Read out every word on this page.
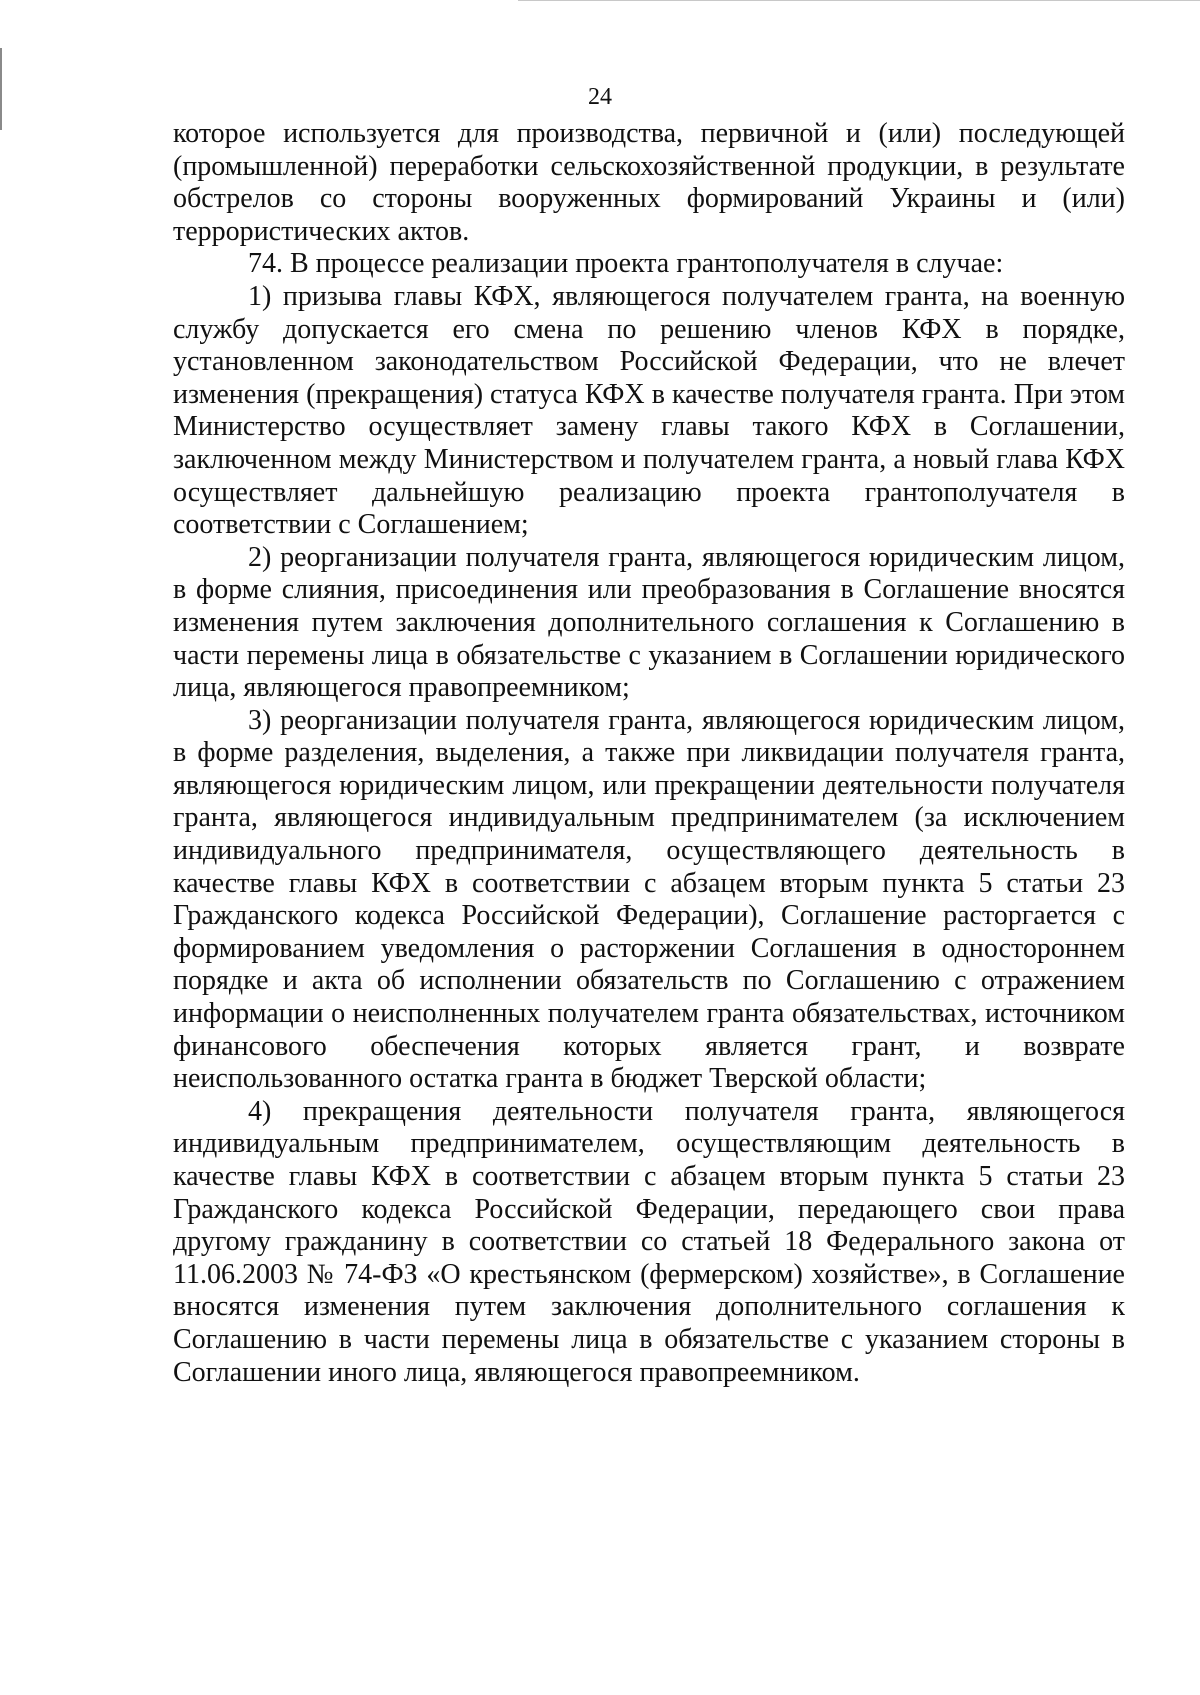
24

которое используется для производства, первичной и (или) последующей (промышленной) переработки сельскохозяйственной продукции, в результате обстрелов со стороны вооруженных формирований Украины и (или) террористических актов.

74. В процессе реализации проекта грантополучателя в случае:

1) призыва главы КФХ, являющегося получателем гранта, на военную службу допускается его смена по решению членов КФХ в порядке, установленном законодательством Российской Федерации, что не влечет изменения (прекращения) статуса КФХ в качестве получателя гранта. При этом Министерство осуществляет замену главы такого КФХ в Соглашении, заключенном между Министерством и получателем гранта, а новый глава КФХ осуществляет дальнейшую реализацию проекта грантополучателя в соответствии с Соглашением;

2) реорганизации получателя гранта, являющегося юридическим лицом, в форме слияния, присоединения или преобразования в Соглашение вносятся изменения путем заключения дополнительного соглашения к Соглашению в части перемены лица в обязательстве с указанием в Соглашении юридического лица, являющегося правопреемником;

3) реорганизации получателя гранта, являющегося юридическим лицом, в форме разделения, выделения, а также при ликвидации получателя гранта, являющегося юридическим лицом, или прекращении деятельности получателя гранта, являющегося индивидуальным предпринимателем (за исключением индивидуального предпринимателя, осуществляющего деятельность в качестве главы КФХ в соответствии с абзацем вторым пункта 5 статьи 23 Гражданского кодекса Российской Федерации), Соглашение расторгается с формированием уведомления о расторжении Соглашения в одностороннем порядке и акта об исполнении обязательств по Соглашению с отражением информации о неисполненных получателем гранта обязательствах, источником финансового обеспечения которых является грант, и возврате неиспользованного остатка гранта в бюджет Тверской области;

4) прекращения деятельности получателя гранта, являющегося индивидуальным предпринимателем, осуществляющим деятельность в качестве главы КФХ в соответствии с абзацем вторым пункта 5 статьи 23 Гражданского кодекса Российской Федерации, передающего свои права другому гражданину в соответствии со статьей 18 Федерального закона от 11.06.2003 № 74-ФЗ «О крестьянском (фермерском) хозяйстве», в Соглашение вносятся изменения путем заключения дополнительного соглашения к Соглашению в части перемены лица в обязательстве с указанием стороны в Соглашении иного лица, являющегося правопреемником.
